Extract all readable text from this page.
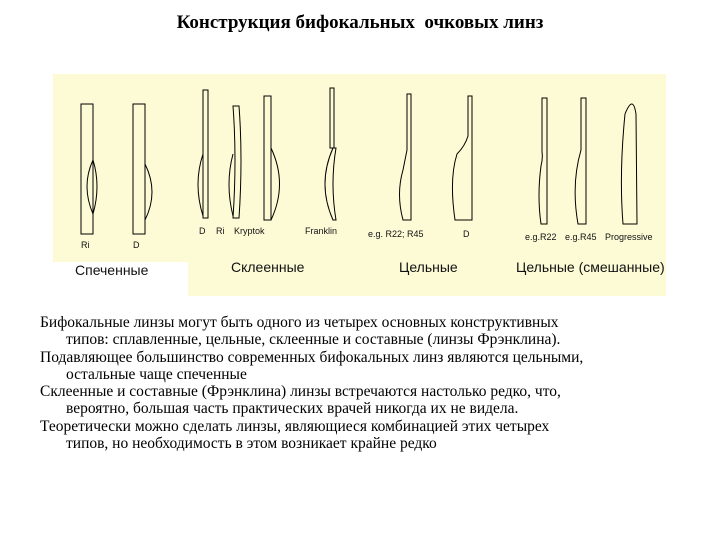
Конструкция бифокальных  очковых линз
Ri	D
D Ri Kryptok	Franklin	e.g. R22; R45	D	e.g.R22 e.g.R45 Progressive
Спеченные	Склеенные	Цельные	Цельные (смешанные)

Бифокальные линзы могут быть одного из четырех основных конструктивных
типов: сплавленные, цельные, склеенные и составные (линзы Фрэнклина).

Подавляющее большинство современных бифокальных линз являются цельными,
остальные чаще спеченные

Склеенные и составные (Фрэнклина) линзы встречаются настолько редко, что,
вероятно, большая часть практических врачей никогда их не видела.

Теоретически можно сделать линзы, являющиеся комбинацией этих четырех
типов, но необходимость в этом возникает крайне редко
